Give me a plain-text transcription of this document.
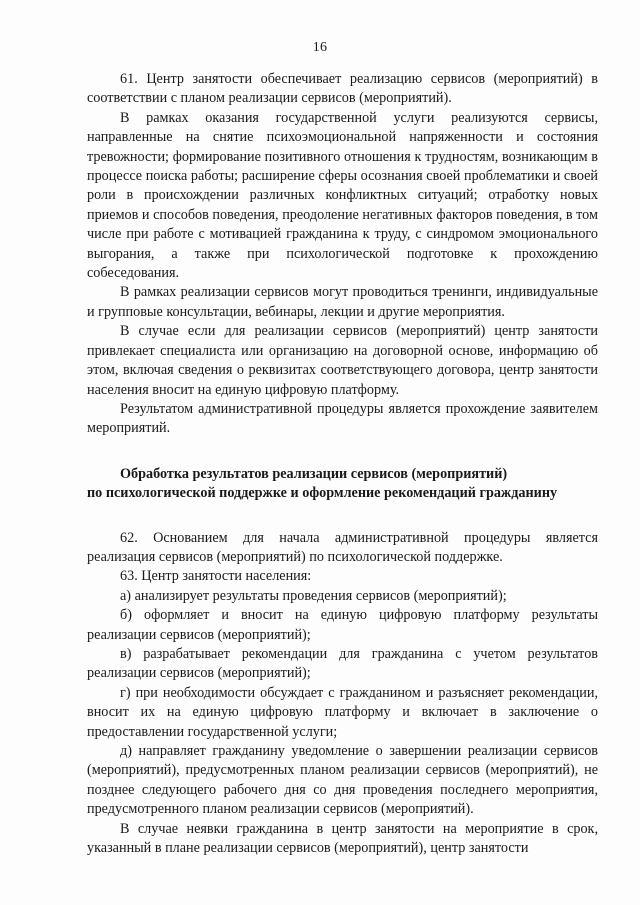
16

61. Центр занятости обеспечивает реализацию сервисов (мероприятий) в соответствии с планом реализации сервисов (мероприятий).

В рамках оказания государственной услуги реализуются сервисы, направленные на снятие психоэмоциональной напряженности и состояния тревожности; формирование позитивного отношения к трудностям, возникающим в процессе поиска работы; расширение сферы осознания своей проблематики и своей роли в происхождении различных конфликтных ситуаций; отработку новых приемов и способов поведения, преодоление негативных факторов поведения, в том числе при работе с мотивацией гражданина к труду, с синдромом эмоционального выгорания, а также при психологической подготовке к прохождению собеседования.

В рамках реализации сервисов могут проводиться тренинги, индивидуальные и групповые консультации, вебинары, лекции и другие мероприятия.

В случае если для реализации сервисов (мероприятий) центр занятости привлекает специалиста или организацию на договорной основе, информацию об этом, включая сведения о реквизитах соответствующего договора, центр занятости населения вносит на единую цифровую платформу.

Результатом административной процедуры является прохождение заявителем мероприятий.

Обработка результатов реализации сервисов (мероприятий)
по психологической поддержке и оформление рекомендаций гражданину

62. Основанием для начала административной процедуры является реализация сервисов (мероприятий) по психологической поддержке.

63. Центр занятости населения:

а) анализирует результаты проведения сервисов (мероприятий);

б) оформляет и вносит на единую цифровую платформу результаты реализации сервисов (мероприятий);

в) разрабатывает рекомендации для гражданина с учетом результатов реализации сервисов (мероприятий);

г) при необходимости обсуждает с гражданином и разъясняет рекомендации, вносит их на единую цифровую платформу и включает в заключение о предоставлении государственной услуги;

д) направляет гражданину уведомление о завершении реализации сервисов (мероприятий), предусмотренных планом реализации сервисов (мероприятий), не позднее следующего рабочего дня со дня проведения последнего мероприятия, предусмотренного планом реализации сервисов (мероприятий).

В случае неявки гражданина в центр занятости на мероприятие в срок, указанный в плане реализации сервисов (мероприятий), центр занятости
